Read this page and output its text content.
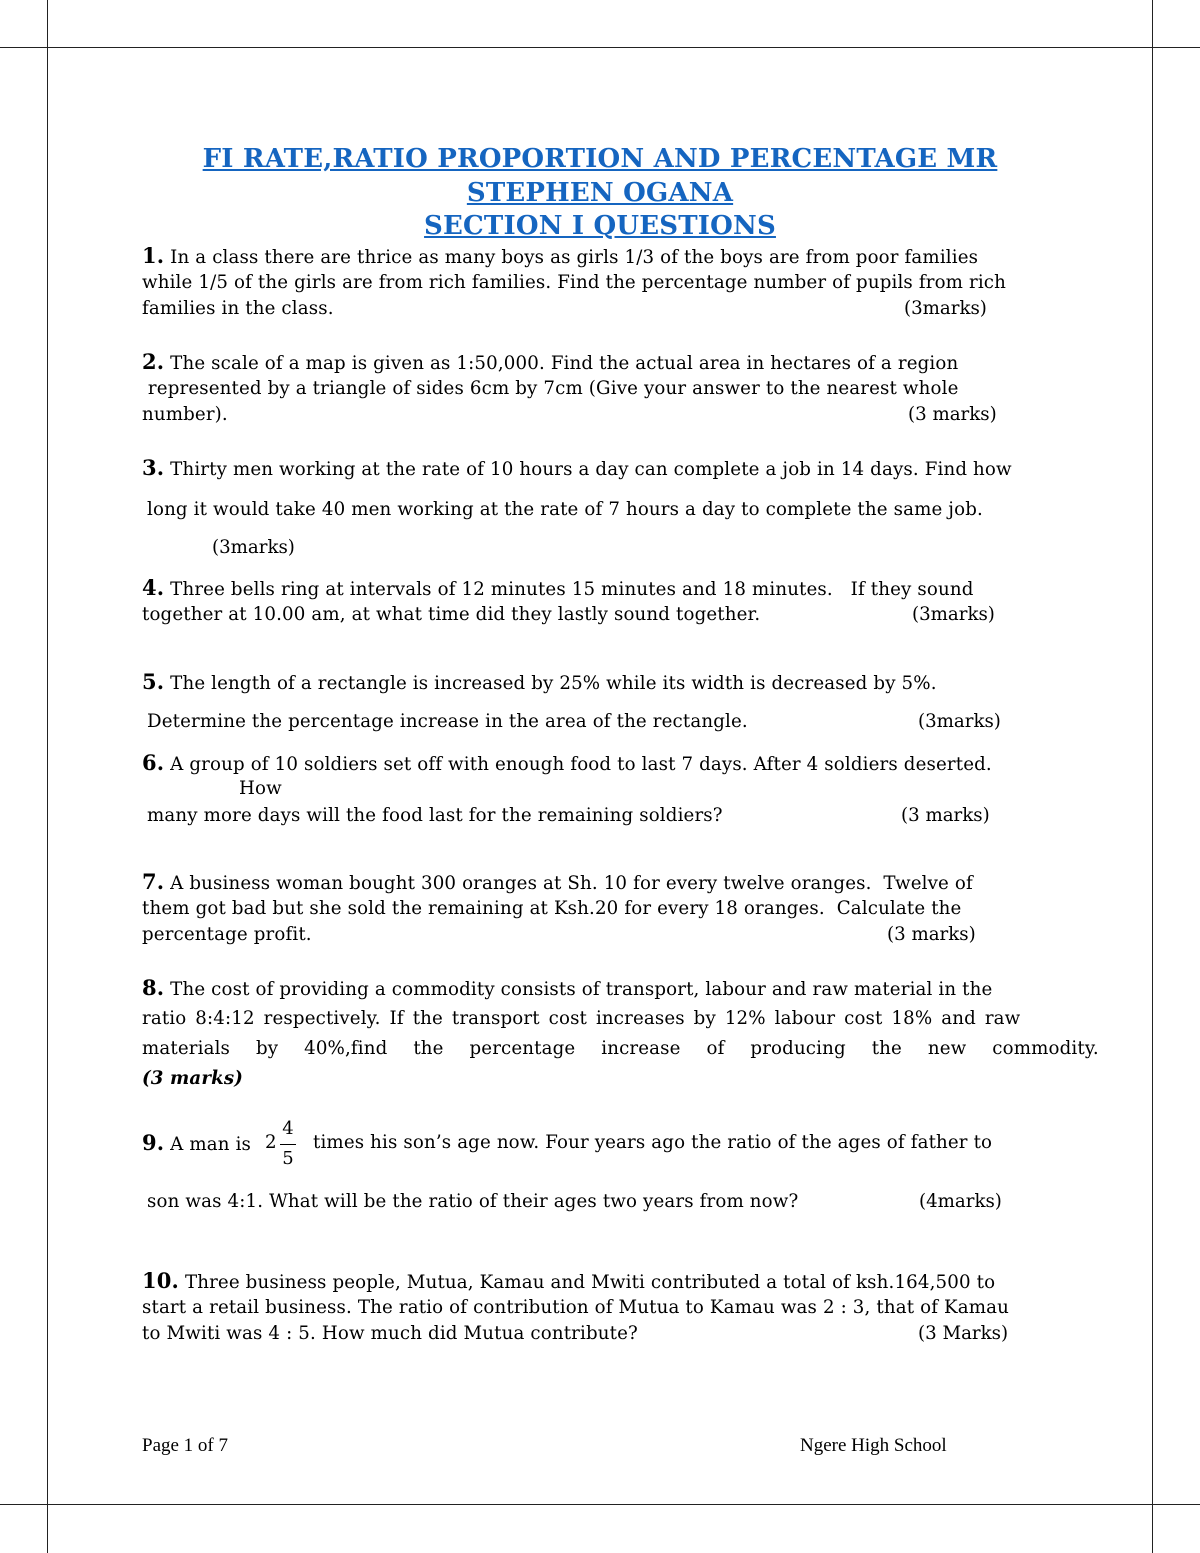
FI RATE,RATIO PROPORTION AND PERCENTAGE MR
STEPHEN OGANA
SECTION I QUESTIONS
1. In a class there are thrice as many boys as girls 1/3 of the boys are from poor families
while 1/5 of the girls are from rich families. Find the percentage number of pupils from rich
families in the class.	(3marks)
2. The scale of a map is given as 1:50,000. Find the actual area in hectares of a region
represented by a triangle of sides 6cm by 7cm (Give your answer to the nearest whole
number).	(3 marks)
3. Thirty men working at the rate of 10 hours a day can complete a job in 14 days. Find how
long it would take 40 men working at the rate of 7 hours a day to complete the same job.
(3marks)
4. Three bells ring at intervals of 12 minutes 15 minutes and 18 minutes.   If they sound
together at 10.00 am, at what time did they lastly sound together.	(3marks)
5. The length of a rectangle is increased by 25% while its width is decreased by 5%.
Determine the percentage increase in the area of the rectangle.	(3marks)
6. A group of 10 soldiers set off with enough food to last 7 days. After 4 soldiers deserted.
How
many more days will the food last for the remaining soldiers?	(3 marks)
7. A business woman bought 300 oranges at Sh. 10 for every twelve oranges.  Twelve of
them got bad but she sold the remaining at Ksh.20 for every 18 oranges.  Calculate the
percentage profit.	(3 marks)
8. The cost of providing a commodity consists of transport, labour and raw material in the
ratio 8:4:12 respectively. If the transport cost increases by 12% labour cost 18% and raw
materials by 40%,find the percentage increase of producing the new commodity.
(3 marks)
9. A man is 2
4
5
times his son’s age now. Four years ago the ratio of the ages of father to
son was 4:1. What will be the ratio of their ages two years from now?	(4marks)
10. Three business people, Mutua, Kamau and Mwiti contributed a total of ksh.164,500 to
start a retail business. The ratio of contribution of Mutua to Kamau was 2 : 3, that of Kamau
to Mwiti was 4 : 5. How much did Mutua contribute?	(3 Marks)
Page 1 of 7	Ngere High School
